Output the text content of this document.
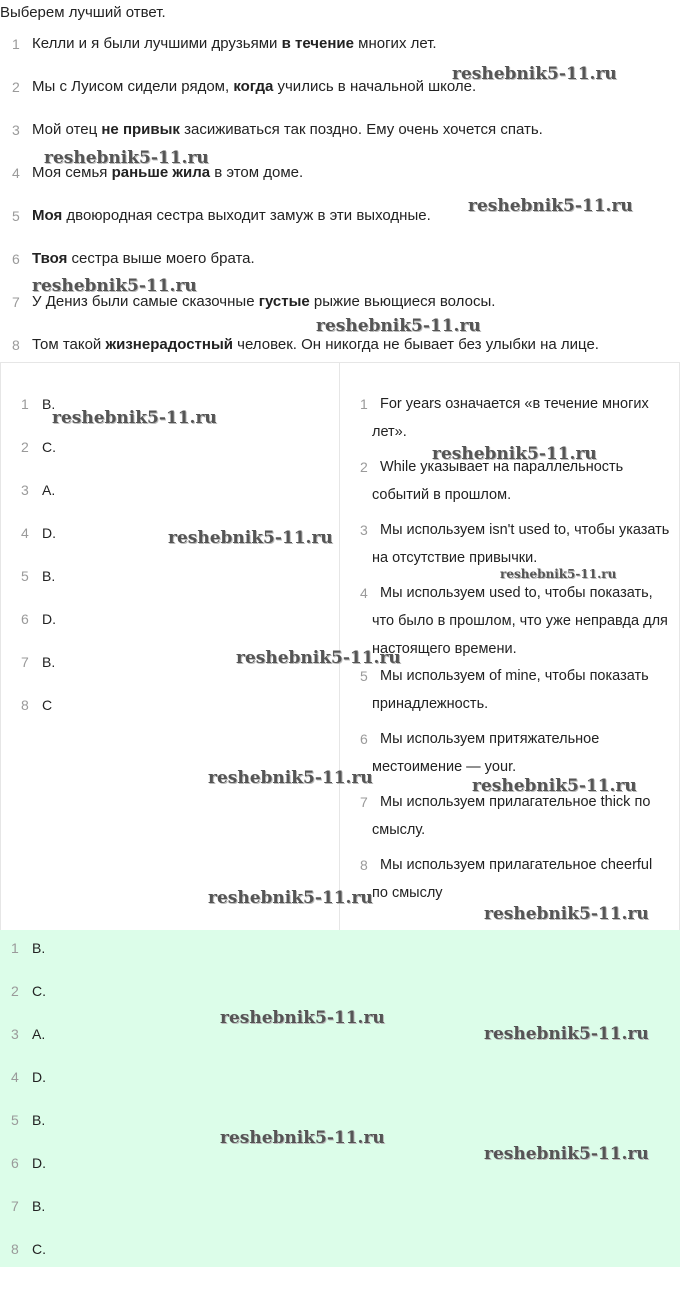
Выберем лучший ответ.
1 Келли и я были лучшими друзьями в течение многих лет.
2 Мы с Луисом сидели рядом, когда учились в начальной школе.
3 Мой отец не привык засиживаться так поздно. Ему очень хочется спать.
4 Моя семья раньше жила в этом доме.
5 Моя двоюродная сестра выходит замуж в эти выходные.
6 Твоя сестра выше моего брата.
7 У Дениз были самые сказочные густые рыжие вьющиеся волосы.
8 Том такой жизнерадостный человек. Он никогда не бывает без улыбки на лице.
1 B.
2 C.
3 A.
4 D.
5 B.
6 D.
7 B.
8 C
1 For years означается «в течение многих лет».
2 While указывает на параллельность событий в прошлом.
3 Мы используем isn't used to, чтобы указать на отсутствие привычки.
4 Мы используем used to, чтобы показать, что было в прошлом, что уже неправда для настоящего времени.
5 Мы используем of mine, чтобы показать принадлежность.
6 Мы используем притяжательное местоимение — your.
7 Мы используем прилагательное thick по смыслу.
8 Мы используем прилагательное cheerful по смыслу
1 B.
2 C.
3 A.
4 D.
5 B.
6 D.
7 B.
8 C.
reshebnik5-11.ru
reshebnik5-11.ru
reshebnik5-11.ru
reshebnik5-11.ru
reshebnik5-11.ru
reshebnik5-11.ru
reshebnik5-11.ru
reshebnik5-11.ru
reshebnik5-11.ru
reshebnik5-11.ru
reshebnik5-11.ru	reshebnik5-11.ru
reshebnik5-11.ru
reshebnik5-11.ru
reshebnik5-11.ru
reshebnik5-11.ru
reshebnik5-11.ru
reshebnik5-11.ru
